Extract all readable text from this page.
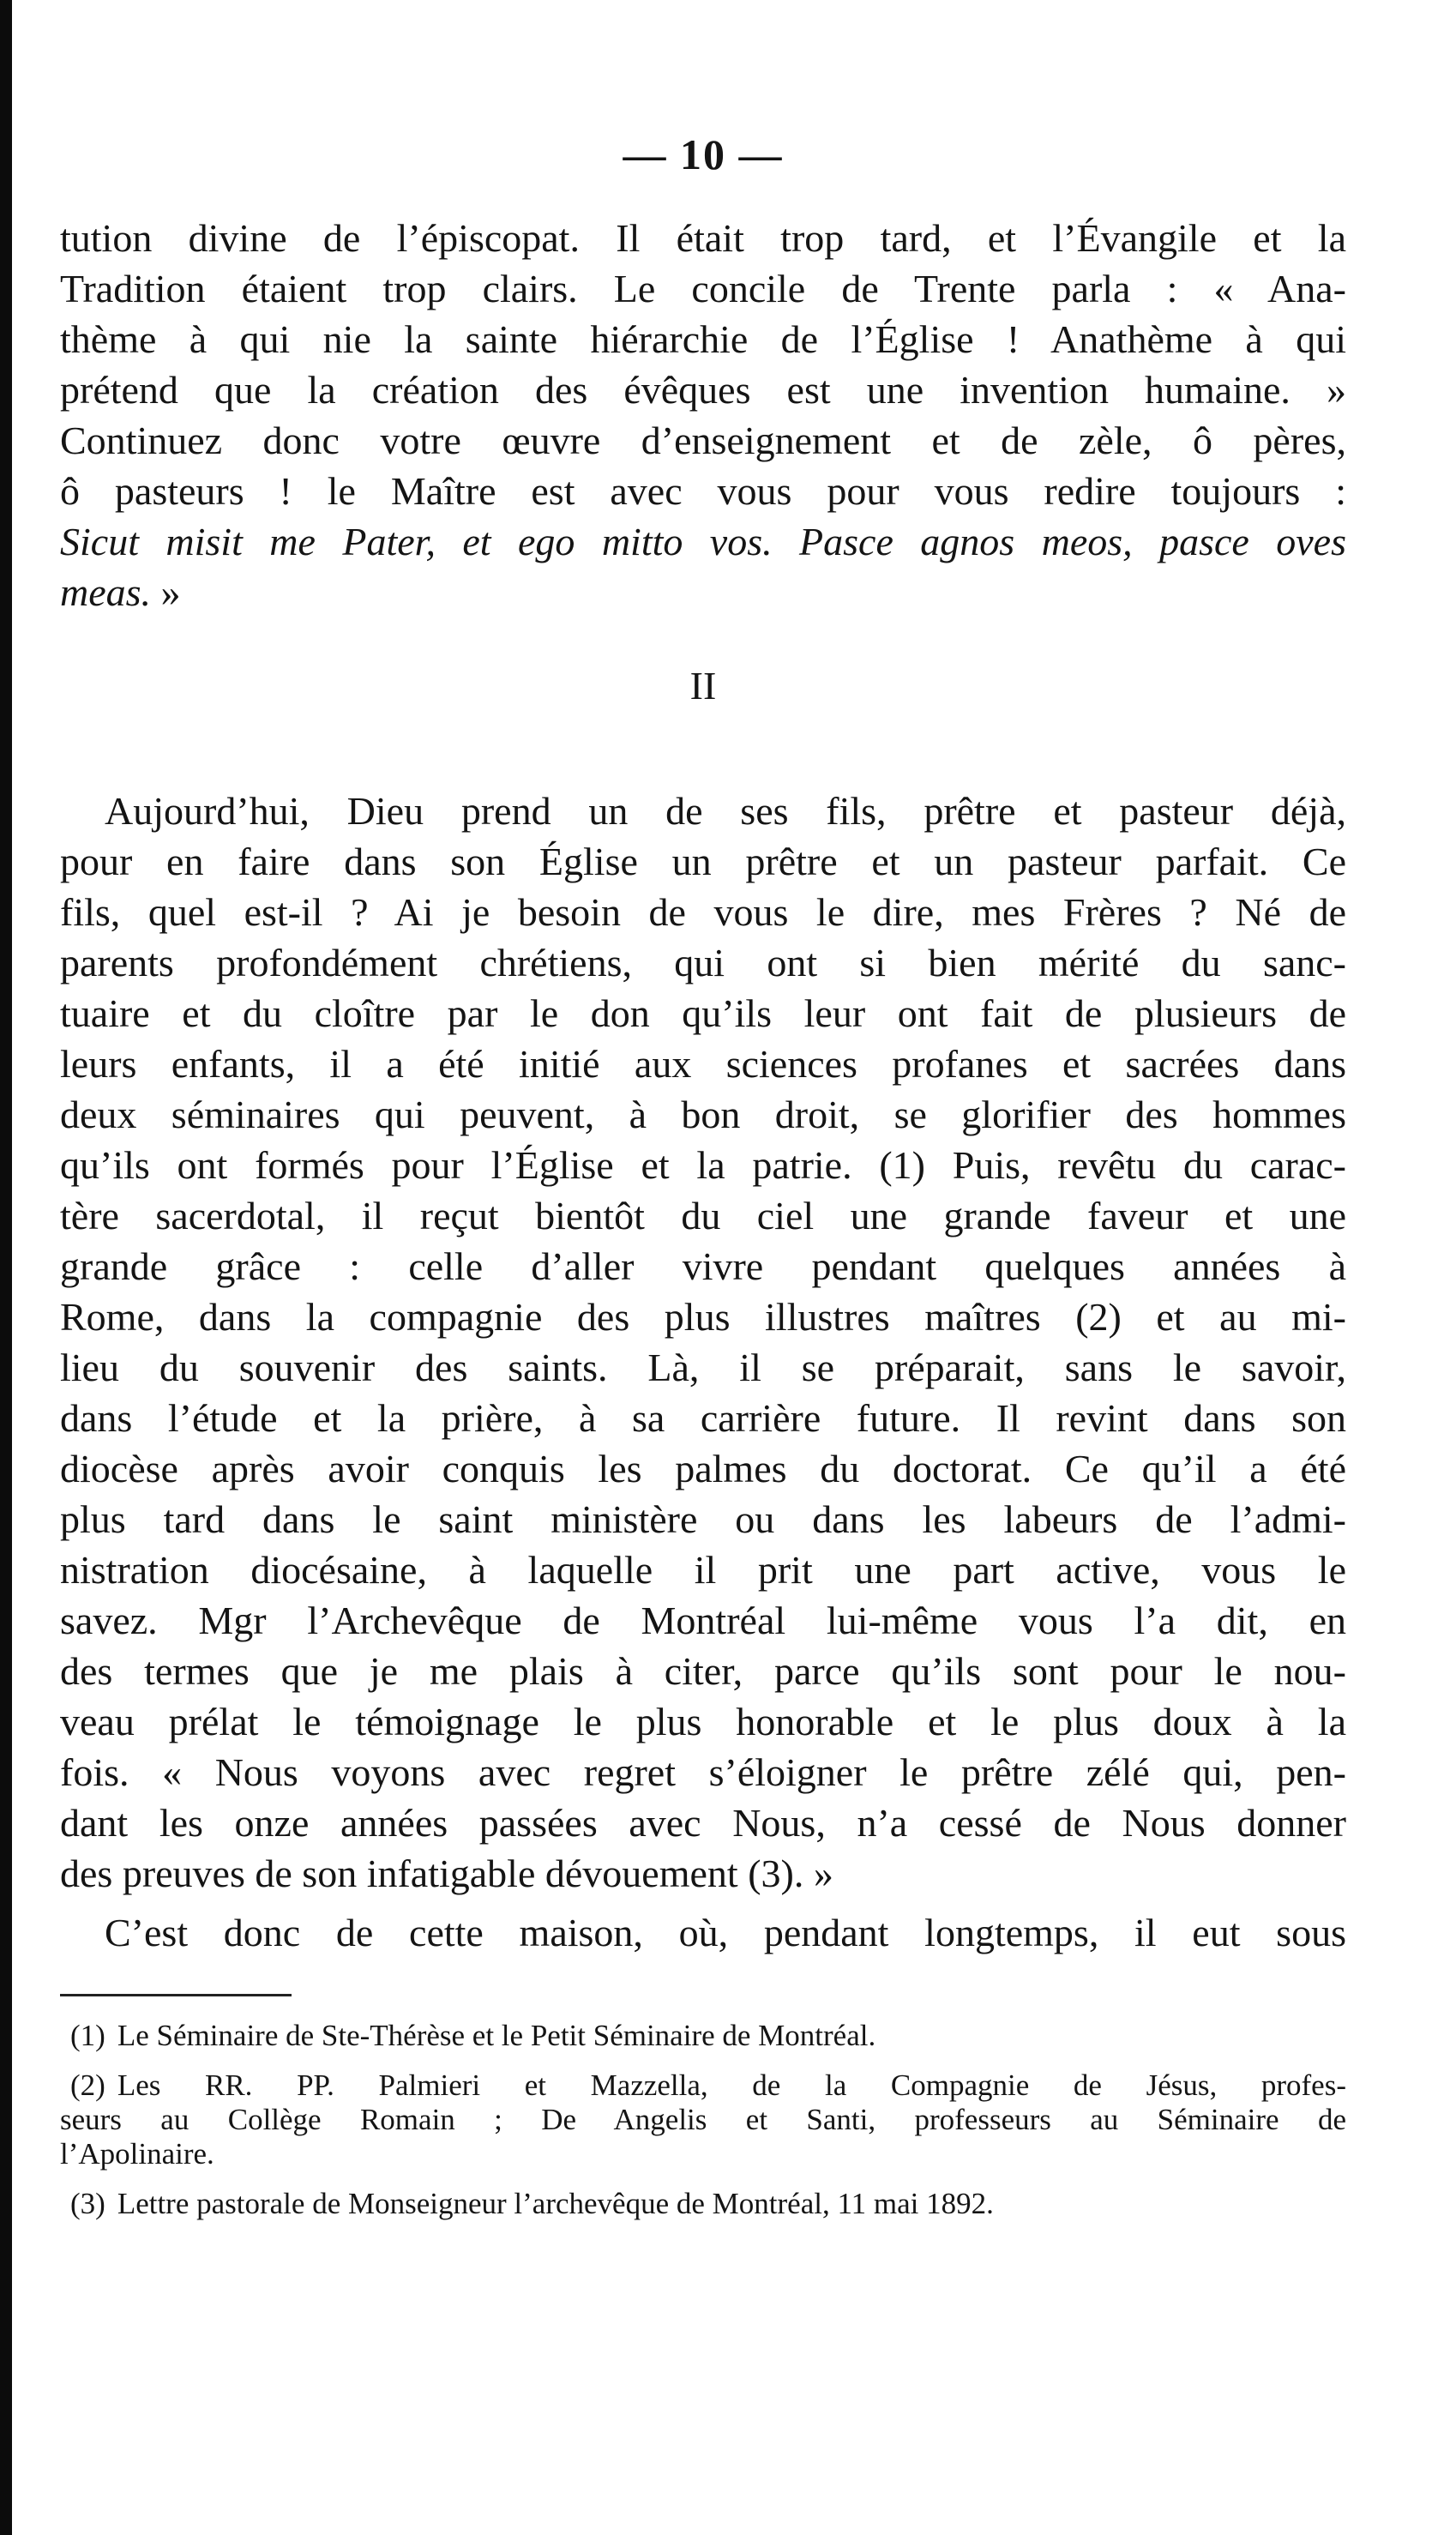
— 10 —
tution divine de l’épiscopat. Il était trop tard, et l’Évangile et la
Tradition étaient trop clairs. Le concile de Trente parla : « Ana-
thème à qui nie la sainte hiérarchie de l’Église ! Anathème à qui
prétend que la création des évêques est une invention humaine. »
Continuez donc votre œuvre d’enseignement et de zèle, ô pères,
ô pasteurs ! le Maître est avec vous pour vous redire toujours :
Sicut misit me Pater, et ego mitto vos. Pasce agnos meos, pasce oves
meas. »
II
Aujourd’hui, Dieu prend un de ses fils, prêtre et pasteur déjà,
pour en faire dans son Église un prêtre et un pasteur parfait. Ce
fils, quel est-il ? Ai je besoin de vous le dire, mes Frères ? Né de
parents profondément chrétiens, qui ont si bien mérité du sanc-
tuaire et du cloître par le don qu’ils leur ont fait de plusieurs de
leurs enfants, il a été initié aux sciences profanes et sacrées dans
deux séminaires qui peuvent, à bon droit, se glorifier des hommes
qu’ils ont formés pour l’Église et la patrie. (1) Puis, revêtu du carac-
tère sacerdotal, il reçut bientôt du ciel une grande faveur et une
grande grâce : celle d’aller vivre pendant quelques années à
Rome, dans la compagnie des plus illustres maîtres (2) et au mi-
lieu du souvenir des saints. Là, il se préparait, sans le savoir,
dans l’étude et la prière, à sa carrière future. Il revint dans son
diocèse après avoir conquis les palmes du doctorat. Ce qu’il a été
plus tard dans le saint ministère ou dans les labeurs de l’admi-
nistration diocésaine, à laquelle il prit une part active, vous le
savez. Mgr l’Archevêque de Montréal lui-même vous l’a dit, en
des termes que je me plais à citer, parce qu’ils sont pour le nou-
veau prélat le témoignage le plus honorable et le plus doux à la
fois. « Nous voyons avec regret s’éloigner le prêtre zélé qui, pen-
dant les onze années passées avec Nous, n’a cessé de Nous donner
des preuves de son infatigable dévouement (3). »
C’est donc de cette maison, où, pendant longtemps, il eut sous
(1) Le Séminaire de Ste-Thérèse et le Petit Séminaire de Montréal.
(2) Les RR. PP. Palmieri et Mazzella, de la Compagnie de Jésus, profes-
seurs au Collège Romain ; De Angelis et Santi, professeurs au Séminaire de
l’Apolinaire.
(3) Lettre pastorale de Monseigneur l’archevêque de Montréal, 11 mai 1892.
